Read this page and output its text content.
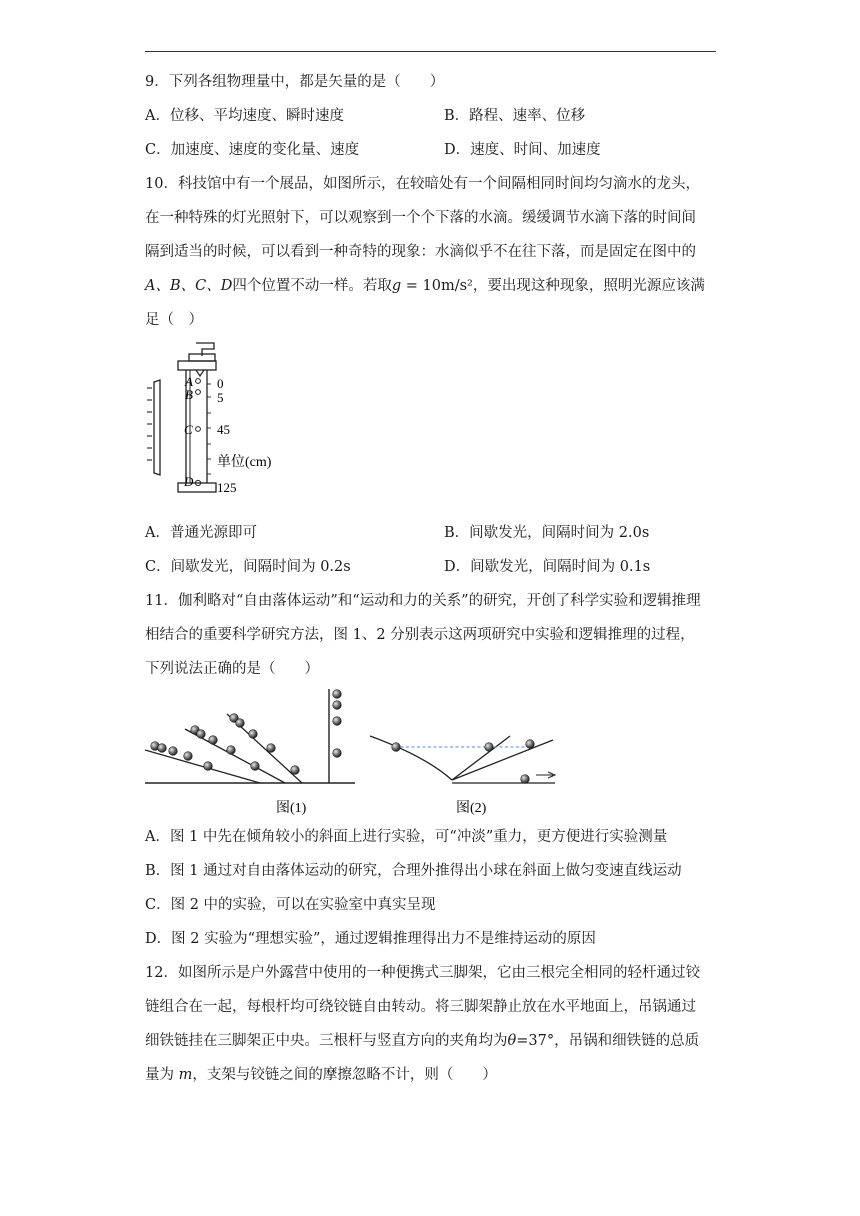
9．下列各组物理量中，都是矢量的是（　　）
A．位移、平均速度、瞬时速度	B．路程、速率、位移
C．加速度、速度的变化量、速度	D．速度、时间、加速度
10．科技馆中有一个展品，如图所示，在较暗处有一个间隔相同时间均匀滴水的龙头，
在一种特殊的灯光照射下，可以观察到一个个下落的水滴。缓缓调节水滴下落的时间间
隔到适当的时候，可以看到一种奇特的现象：水滴似乎不在往下落，而是固定在图中的
A、B、C、D四个位置不动一样。若取g = 10m/s²，要出现这种现象，照明光源应该满
足（　）
A
B
C
D
0
5
45
单位(cm)
125
A．普通光源即可	B．间歇发光，间隔时间为 2.0s
C．间歇发光，间隔时间为 0.2s	D．间歇发光，间隔时间为 0.1s
11．伽利略对“自由落体运动”和“运动和力的关系”的研究，开创了科学实验和逻辑推理
相结合的重要科学研究方法，图 1、2 分别表示这两项研究中实验和逻辑推理的过程，
下列说法正确的是（　　）
图(1)	图(2)
A．图 1 中先在倾角较小的斜面上进行实验，可“冲淡”重力，更方便进行实验测量
B．图 1 通过对自由落体运动的研究，合理外推得出小球在斜面上做匀变速直线运动
C．图 2 中的实验，可以在实验室中真实呈现
D．图 2 实验为“理想实验”，通过逻辑推理得出力不是维持运动的原因
12．如图所示是户外露营中使用的一种便携式三脚架，它由三根完全相同的轻杆通过铰
链组合在一起，每根杆均可绕铰链自由转动。将三脚架静止放在水平地面上，吊锅通过
细铁链挂在三脚架正中央。三根杆与竖直方向的夹角均为θ=37°，吊锅和细铁链的总质
量为 m，支架与铰链之间的摩擦忽略不计，则（　　）
